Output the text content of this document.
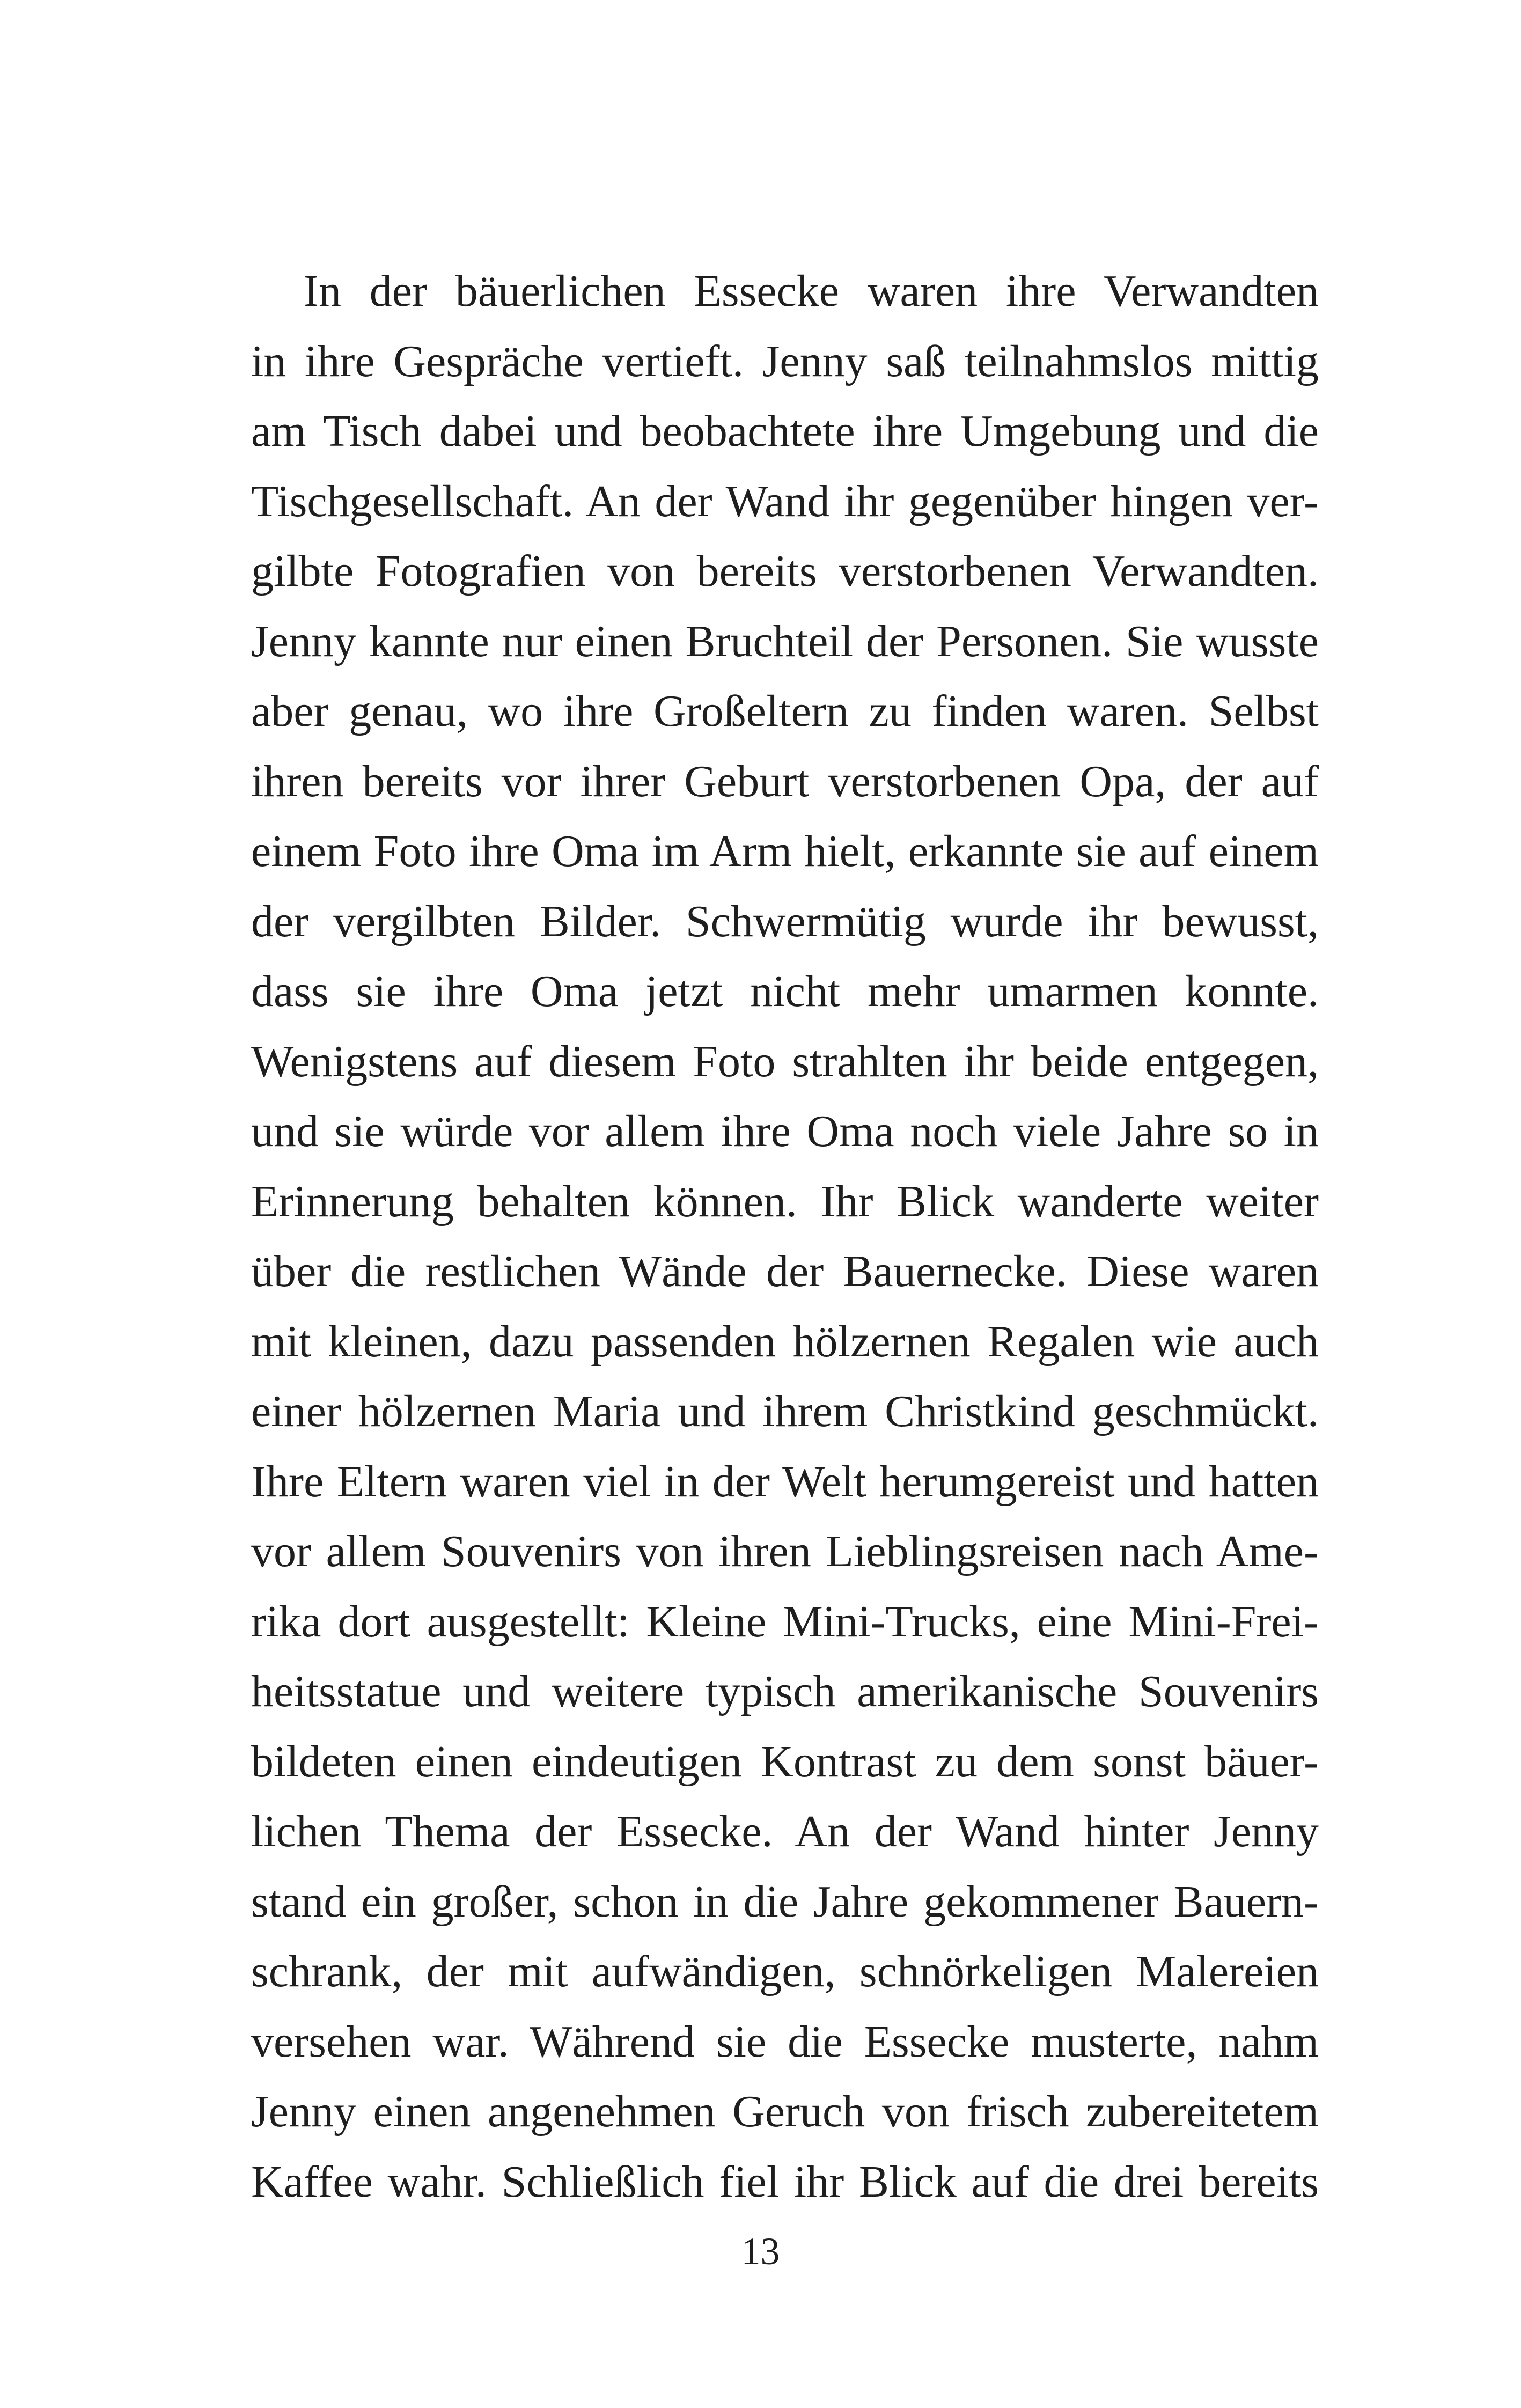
In der bäuerlichen Essecke waren ihre Verwandten
in ihre Gespräche vertieft. Jenny saß teilnahmslos mittig
am Tisch dabei und beobachtete ihre Umgebung und die
Tischgesellschaft. An der Wand ihr gegenüber hingen ver-
gilbte Fotografien von bereits verstorbenen Verwandten.
Jenny kannte nur einen Bruchteil der Personen. Sie wusste
aber genau, wo ihre Großeltern zu finden waren. Selbst
ihren bereits vor ihrer Geburt verstorbenen Opa, der auf
einem Foto ihre Oma im Arm hielt, erkannte sie auf einem
der vergilbten Bilder. Schwermütig wurde ihr bewusst,
dass sie ihre Oma jetzt nicht mehr umarmen konnte.
Wenigstens auf diesem Foto strahlten ihr beide entgegen,
und sie würde vor allem ihre Oma noch viele Jahre so in
Erinnerung behalten können. Ihr Blick wanderte weiter
über die restlichen Wände der Bauernecke. Diese waren
mit kleinen, dazu passenden hölzernen Regalen wie auch
einer hölzernen Maria und ihrem Christkind geschmückt.
Ihre Eltern waren viel in der Welt herumgereist und hatten
vor allem Souvenirs von ihren Lieblingsreisen nach Ame-
rika dort ausgestellt: Kleine Mini-Trucks, eine Mini-Frei-
heitsstatue und weitere typisch amerikanische Souvenirs
bildeten einen eindeutigen Kontrast zu dem sonst bäuer-
lichen Thema der Essecke. An der Wand hinter Jenny
stand ein großer, schon in die Jahre gekommener Bauern-
schrank, der mit aufwändigen, schnörkeligen Malereien
versehen war. Während sie die Essecke musterte, nahm
Jenny einen angenehmen Geruch von frisch zubereitetem
Kaffee wahr. Schließlich fiel ihr Blick auf die drei bereits
13
